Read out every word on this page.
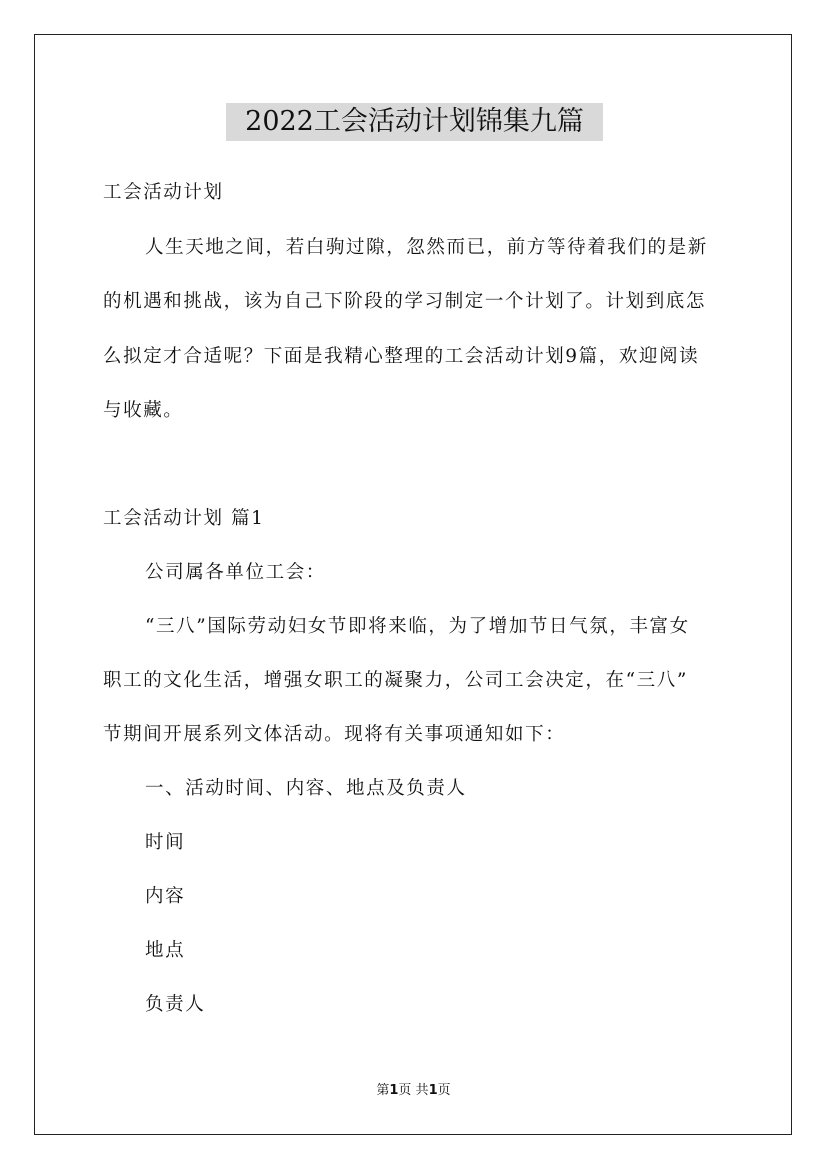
2022工会活动计划锦集九篇
工会活动计划
人生天地之间，若白驹过隙，忽然而已，前方等待着我们的是新
的机遇和挑战，该为自己下阶段的学习制定一个计划了。计划到底怎
么拟定才合适呢？下面是我精心整理的工会活动计划9篇，欢迎阅读
与收藏。
工会活动计划 篇1
公司属各单位工会：
“三八”国际劳动妇女节即将来临，为了增加节日气氛，丰富女
职工的文化生活，增强女职工的凝聚力，公司工会决定，在“三八”
节期间开展系列文体活动。现将有关事项通知如下：
一、活动时间、内容、地点及负责人
时间
内容
地点
负责人
第1页 共1页
